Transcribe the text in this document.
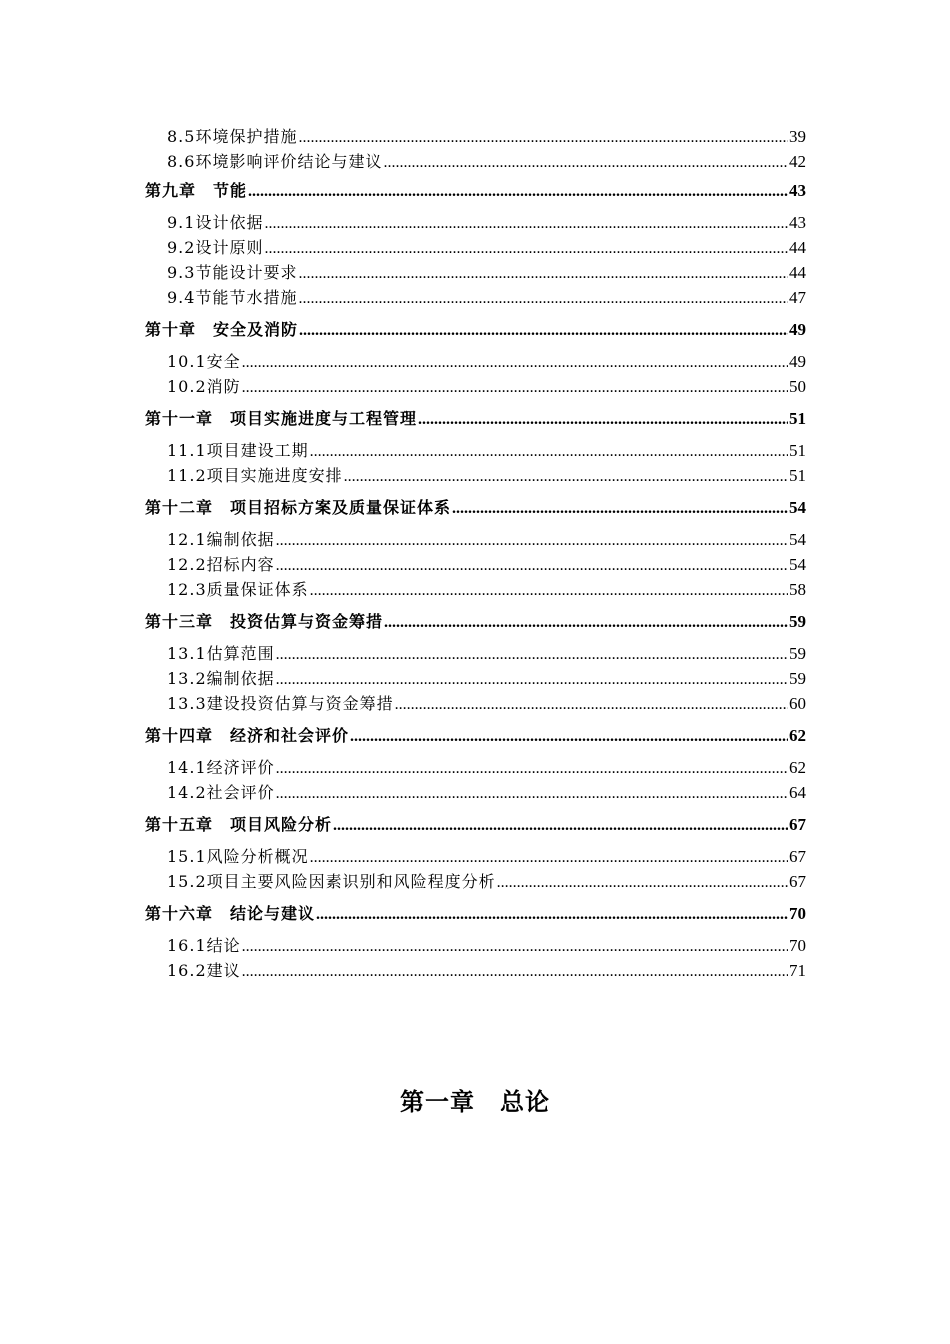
8.5环境保护措施 .....	39
8.6环境影响评价结论与建议 .....	42
第九章　节能 .....	43
9.1设计依据 .....	43
9.2设计原则 .....	44
9.3节能设计要求 .....	44
9.4节能节水措施 .....	47
第十章　安全及消防 .....	49
10.1安全 .....	49
10.2消防 .....	50
第十一章　项目实施进度与工程管理 .....	51
11.1项目建设工期 .....	51
11.2项目实施进度安排 .....	51
第十二章　项目招标方案及质量保证体系 .....	54
12.1编制依据 .....	54
12.2招标内容 .....	54
12.3质量保证体系 .....	58
第十三章　投资估算与资金筹措 .....	59
13.1估算范围 .....	59
13.2编制依据 .....	59
13.3建设投资估算与资金筹措 .....	60
第十四章　经济和社会评价 .....	62
14.1经济评价 .....	62
14.2社会评价 .....	64
第十五章　项目风险分析 .....	67
15.1风险分析概况 .....	67
15.2项目主要风险因素识别和风险程度分析 .....	67
第十六章　结论与建议 .....	70
16.1结论 .....	70
16.2建议 .....	71
第一章　总论
